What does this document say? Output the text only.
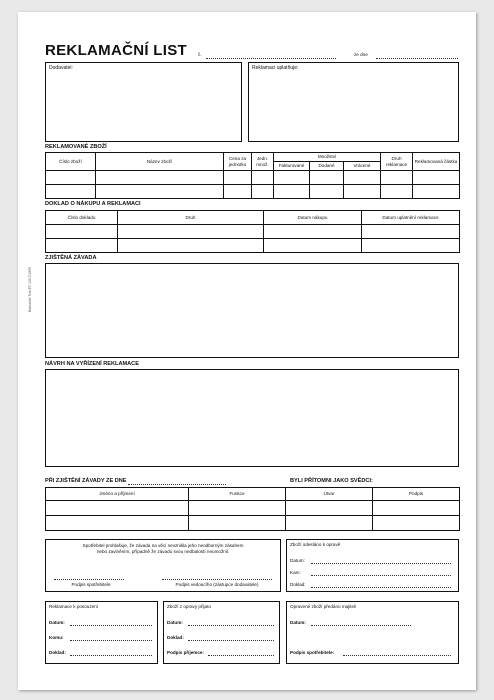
REKLAMAČNÍ LIST č.	ze dne
Dodavatel:	Reklamaci uplatňuje:
REKLAMOVANÉ ZBOŽÍ
Číslo zboží	Název zboží	Cena za jednotku	Jedn. množ.	Množství			Druh reklamace	Reklamovaná částka
				Fakturované	Dodané	Vrácené		

DOKLAD O NÁKUPU A REKLAMACI
Číslo dokladu	Druh	Datum nákupu	Datum uplatnění reklamace

ZJIŠTĚNÁ ZÁVADA
NÁVRH NA VYŘÍZENÍ REKLAMACE
PŘI ZJIŠTĚNÍ ZÁVADY ZE DNE	BYLI PŘÍTOMNI JAKO SVĚDCI:
Jméno a příjmení	Funkce	Útvar	Podpis

Spotřebitel prohlašuje, že závada na věci nevznikla jeho neodborným zásahem
nebo zaviněním, případně že závadu svou nedbalostí neumožnil.
Podpis spotřebitele	Podpis vedoucího (zástupce dodavatele)
Zboží odesláno k opravě
Datum:
Kam:
Doklad:
Reklamace k posouzení
Datum:
Komu:
Doklad:
Zboží z opravy přijato
Datum:
Doklad:
Podpis příjemce:
Opravené zboží předáno majiteli
Datum:
Podpis spotřebitele:
Baloušek Tisk ET 100 ©1999
